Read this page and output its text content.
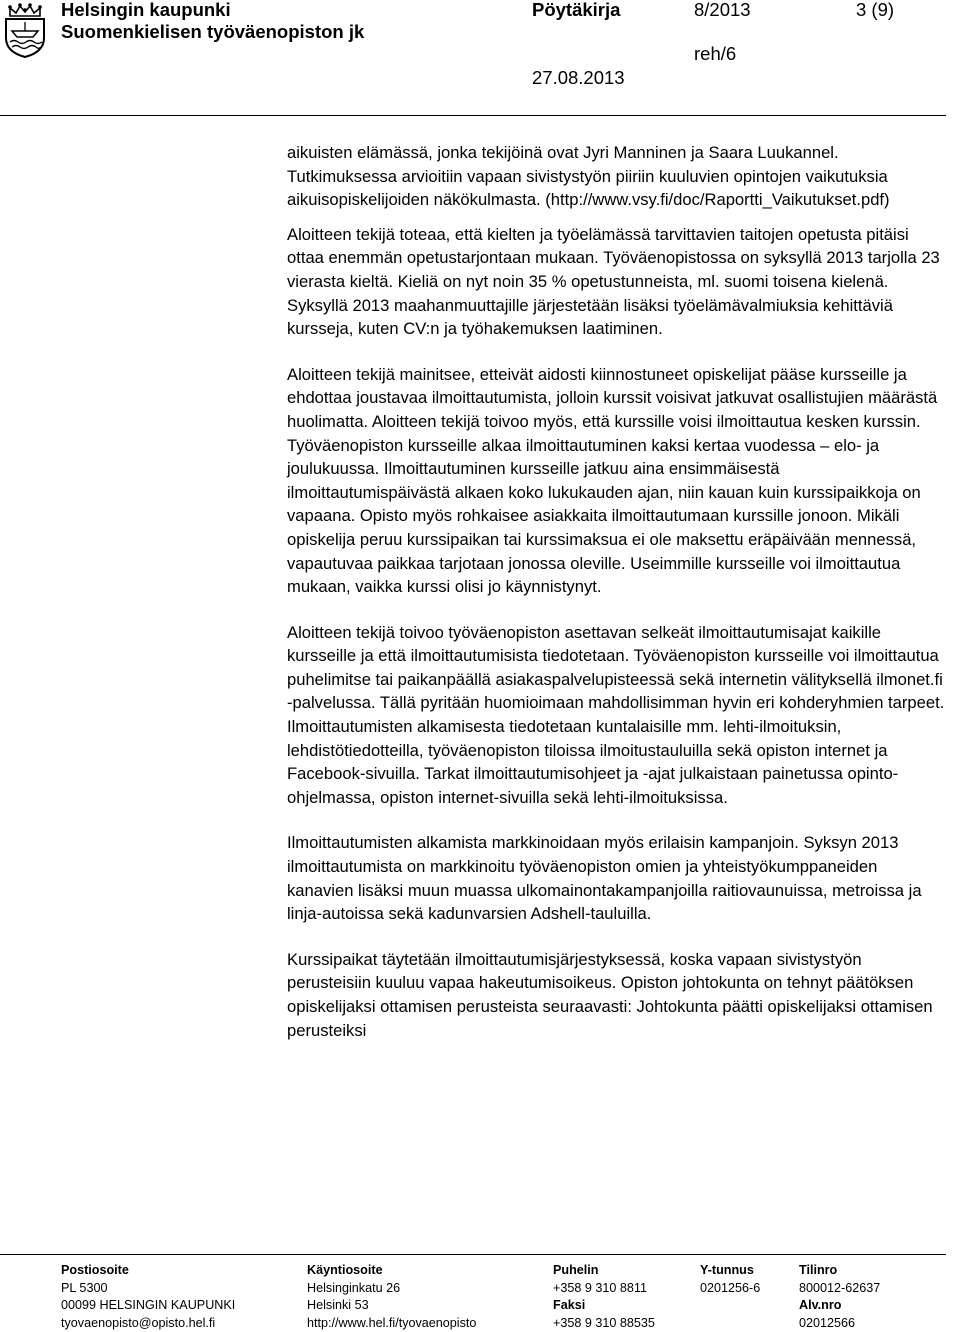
Helsingin kaupunki
Suomenkielisen työväenopiston jk
Pöytäkirja	8/2013	3 (9)
reh/6
27.08.2013

aikuisten elämässä, jonka tekijöinä ovat Jyri Manninen ja Saara Luukannel. Tutkimuksessa arvioitiin vapaan sivistystyön piiriin kuuluvien opintojen vaikutuksia aikuisopiskelijoiden näkökulmasta. (http://www.vsy.fi/doc/Raportti_Vaikutukset.pdf)

Aloitteen tekijä toteaa, että kielten ja työelämässä tarvittavien taitojen opetusta pitäisi ottaa enemmän opetustarjontaan mukaan. Työväenopistossa on syksyllä 2013 tarjolla 23 vierasta kieltä. Kieliä on nyt noin 35 % opetustunneista, ml. suomi toisena kielenä. Syksyllä 2013 maahanmuuttajille järjestetään lisäksi työelämävalmiuksia kehittäviä kursseja, kuten CV:n ja työhakemuksen laatiminen.

Aloitteen tekijä mainitsee, etteivät aidosti kiinnostuneet opiskelijat pääse kursseille ja ehdottaa joustavaa ilmoittautumista, jolloin kurssit voisivat jatkuvat osallistujien määrästä huolimatta. Aloitteen tekijä toivoo myös, että kurssille voisi ilmoittautua kesken kurssin. Työväenopiston kursseille alkaa ilmoittautuminen kaksi kertaa vuodessa – elo- ja joulukuussa. Ilmoittautuminen kursseille jatkuu aina ensimmäisestä ilmoittautumispäivästä alkaen koko lukukauden ajan, niin kauan kuin kurssipaikkoja on vapaana. Opisto myös rohkaisee asiakkaita ilmoittautumaan kurssille jonoon. Mikäli opiskelija peruu kurssipaikan tai kurssimaksua ei ole maksettu eräpäivään mennessä, vapautuvaa paikkaa tarjotaan jonossa oleville. Useimmille kursseille voi ilmoittautua mukaan, vaikka kurssi olisi jo käynnistynyt.

Aloitteen tekijä toivoo työväenopiston asettavan selkeät ilmoittautumisajat kaikille kursseille ja että ilmoittautumisista tiedotetaan. Työväenopiston kursseille voi ilmoittautua puhelimitse tai paikanpäällä asiakaspalvelupisteessä sekä internetin välityksellä ilmonet.fi -palvelussa. Tällä pyritään huomioimaan mahdollisimman hyvin eri kohderyhmien tarpeet. Ilmoittautumisten alkamisesta tiedotetaan kuntalaisille mm. lehti-ilmoituksin, lehdistötiedotteilla, työväenopiston tiloissa ilmoitustauluilla sekä opiston internet ja Facebook-sivuilla. Tarkat ilmoittautumisohjeet ja -ajat julkaistaan painetussa opinto-ohjelmassa, opiston internet-sivuilla sekä lehti-ilmoituksissa.

Ilmoittautumisten alkamista markkinoidaan myös erilaisin kampanjoin. Syksyn 2013 ilmoittautumista on markkinoitu työväenopiston omien ja yhteistyökumppaneiden kanavien lisäksi muun muassa ulkomainontakampanjoilla raitiovaunuissa, metroissa ja linja-autoissa sekä kadunvarsien Adshell-tauluilla.

Kurssipaikat täytetään ilmoittautumisjärjestyksessä, koska vapaan sivistystyön perusteisiin kuuluu vapaa hakeutumisoikeus. Opiston johtokunta on tehnyt päätöksen opiskelijaksi ottamisen perusteista seuraavasti: Johtokunta päätti opiskelijaksi ottamisen perusteiksi

Postiosoite
PL 5300
00099 HELSINGIN KAUPUNKI
tyovaenopisto@opisto.hel.fi
Käyntiosoite
Helsinginkatu 26
Helsinki 53
http://www.hel.fi/tyovaenopisto
Puhelin
+358 9 310 8811
Faksi
+358 9 310 88535
Y-tunnus
0201256-6
Tilinro
800012-62637
Alv.nro
02012566
